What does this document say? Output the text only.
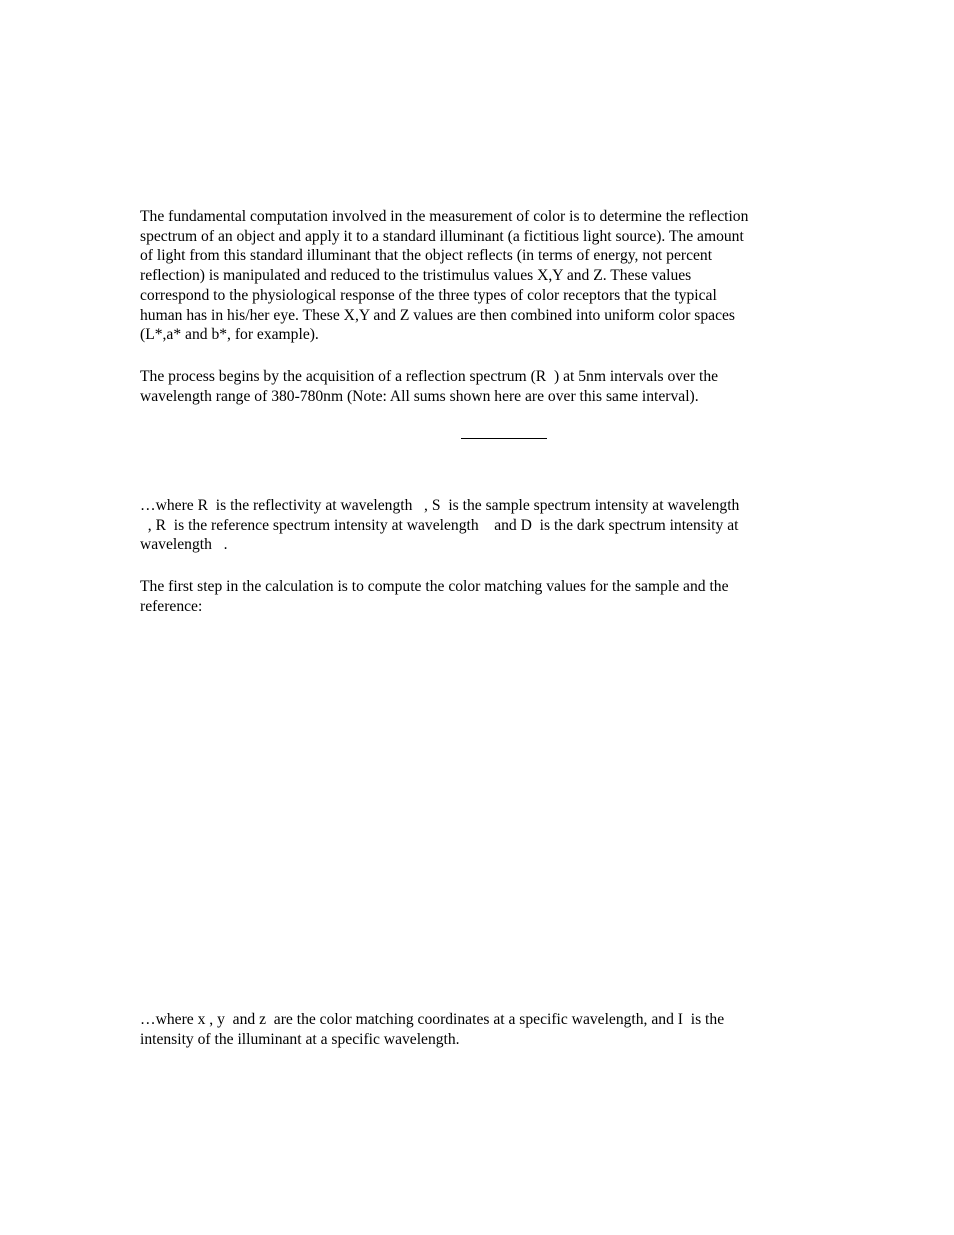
The fundamental computation involved in the measurement of color is to determine the reflection
spectrum of an object and apply it to a standard illuminant (a fictitious light source). The amount
of light from this standard illuminant that the object reflects (in terms of energy, not percent
reflection) is manipulated and reduced to the tristimulus values X,Y and Z. These values
correspond to the physiological response of the three types of color receptors that the typical
human has in his/her eye. These X,Y and Z values are then combined into uniform color spaces
(L*,a* and b*, for example).

The process begins by the acquisition of a reflection spectrum (R  ) at 5nm intervals over the
wavelength range of 380-780nm (Note: All sums shown here are over this same interval).

…where R  is the reflectivity at wavelength   , S  is the sample spectrum intensity at wavelength
, R  is the reference spectrum intensity at wavelength    and D  is the dark spectrum intensity at
wavelength   .

The first step in the calculation is to compute the color matching values for the sample and the
reference:

…where x , y  and z  are the color matching coordinates at a specific wavelength, and I  is the
intensity of the illuminant at a specific wavelength.
